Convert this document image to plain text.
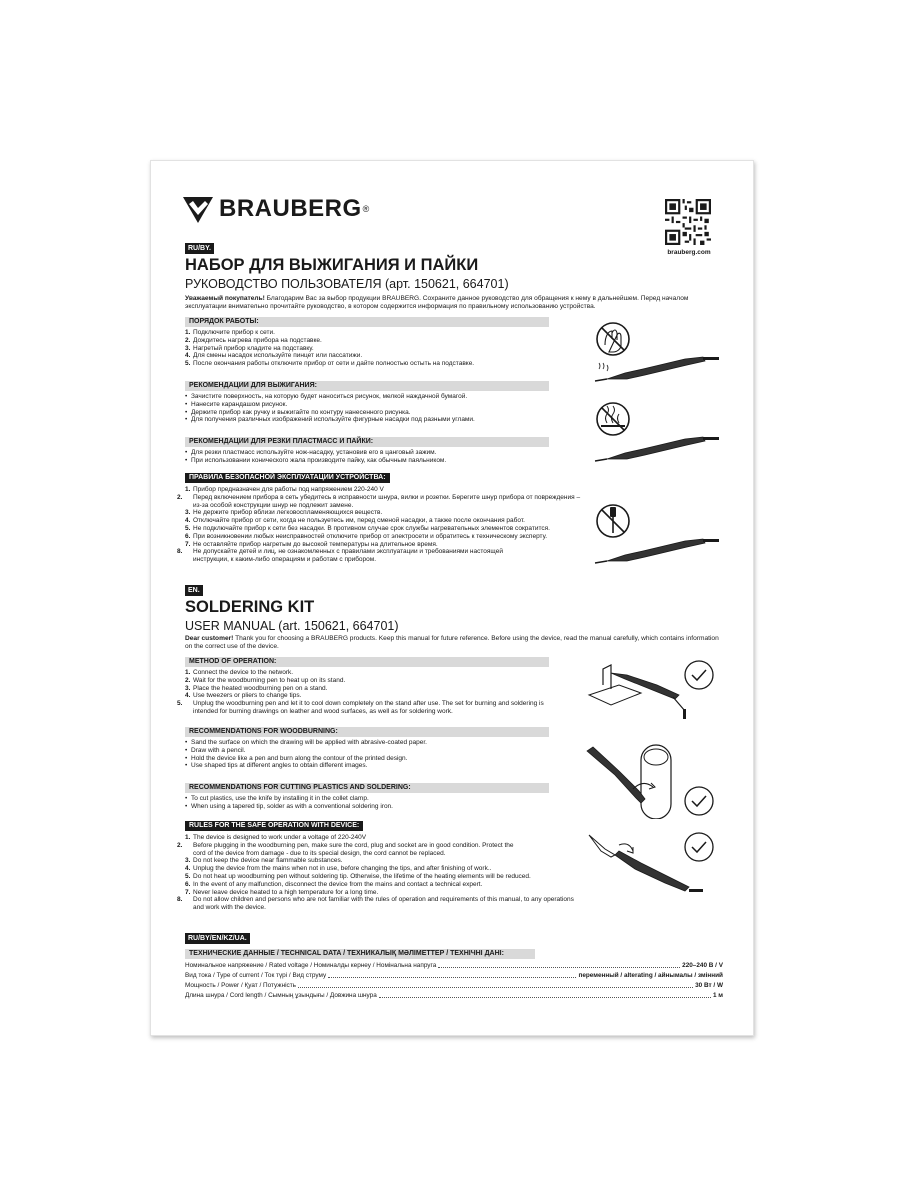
BRAUBERG ®
brauberg.com
RU/BY.
НАБОР ДЛЯ ВЫЖИГАНИЯ И ПАЙКИ
РУКОВОДСТВО ПОЛЬЗОВАТЕЛЯ (арт. 150621, 664701)
Уважаемый покупатель! Благодарим Вас за выбор продукции BRAUBERG. Сохраните данное руководство для обращения к нему в дальнейшем. Перед началом эксплуатации внимательно прочитайте руководство, в котором содержится информация по правильному использованию устройства.
ПОРЯДОК РАБОТЫ:
1. Подключите прибор к сети.
2. Дождитесь нагрева прибора на подставке.
3. Нагретый прибор кладите на подставку.
4. Для смены насадок используйте пинцет или пассатижи.
5. После окончания работы отключите прибор от сети и дайте полностью остыть на подставке.
РЕКОМЕНДАЦИИ ДЛЯ ВЫЖИГАНИЯ:
• Зачистите поверхность, на которую будет наноситься рисунок, мелкой наждачной бумагой.
• Нанесите карандашом рисунок.
• Держите прибор как ручку и выжигайте по контуру нанесенного рисунка.
• Для получения различных изображений используйте фигурные насадки под разными углами.
РЕКОМЕНДАЦИИ ДЛЯ РЕЗКИ ПЛАСТМАСС И ПАЙКИ:
• Для резки пластмасс используйте нож-насадку, установив его в цанговый зажим.
• При использовании конического жала производите пайку, как обычным паяльником.
ПРАВИЛА БЕЗОПАСНОЙ ЭКСПЛУАТАЦИИ УСТРОЙСТВА:
1. Прибор предназначен для работы под напряжением 220-240 V
2. Перед включением прибора в сеть убедитесь в исправности шнура, вилки и розетки. Берегите шнур прибора от повреждения – из-за особой конструкции шнур не подлежит замене.
3. Не держите прибор вблизи легковоспламеняющихся веществ.
4. Отключайте прибор от сети, когда не пользуетесь им, перед сменой насадки, а также после окончания работ.
5. Не подключайте прибор к сети без насадки. В противном случае срок службы нагревательных элементов сократится.
6. При возникновении любых неисправностей отключите прибор от электросети и обратитесь к техническому эксперту.
7. Не оставляйте прибор нагретым до высокой температуры на длительное время.
8. Не допускайте детей и лиц, не ознакомленных с правилами эксплуатации и требованиями настоящей инструкции, к каким-либо операциям и работам с прибором.
EN.
SOLDERING KIT
USER MANUAL (art. 150621, 664701)
Dear customer! Thank you for choosing a BRAUBERG products. Keep this manual for future reference. Before using the device, read the manual carefully, which contains information on the correct use of the device.
METHOD OF OPERATION:
1. Connect the device to the network.
2. Wait for the woodburning pen to heat up on its stand.
3. Place the heated woodburning pen on a stand.
4. Use tweezers or pliers to change tips.
5. Unplug the woodburning pen and let it to cool down completely on the stand after use. The set for burning and soldering is intended for burning drawings on leather and wood surfaces, as well as for soldering work.
RECOMMENDATIONS FOR WOODBURNING:
• Sand the surface on which the drawing will be applied with abrasive-coated paper.
• Draw with a pencil.
• Hold the device like a pen and burn along the contour of the printed design.
• Use shaped tips at different angles to obtain different images.
RECOMMENDATIONS FOR CUTTING PLASTICS AND SOLDERING:
• To cut plastics, use the knife by installing it in the collet clamp.
• When using a tapered tip, solder as with a conventional soldering iron.
RULES FOR THE SAFE OPERATION WITH DEVICE:
1. The device is designed to work under a voltage of 220-240V
2. Before plugging in the woodburning pen, make sure the cord, plug and socket are in good condition. Protect the cord of the device from damage - due to its special design, the cord cannot be replaced.
3. Do not keep the device near flammable substances.
4. Unplug the device from the mains when not in use, before changing the tips, and after finishing of work..
5. Do not heat up woodburning pen without soldering tip. Otherwise, the lifetime of the heating elements will be reduced.
6. In the event of any malfunction, disconnect the device from the mains and contact a technical expert.
7. Never leave device heated to a high temperature for a long time.
8. Do not allow children and persons who are not familiar with the rules of operation and requirements of this manual, to any operations and work with the device.
RU/BY/EN/KZ/UA.
ТЕХНИЧЕСКИЕ ДАННЫЕ / TECHNICAL DATA / ТЕХНИКАЛЫҚ МӘЛІМЕТТЕР / ТЕХНІЧНІ ДАНІ:
Номинальное напряжение / Rated voltage / Номиналды кернеу / Номінальна напруга	220–240 В / V
Вид тока / Type of current / Ток түрі / Вид струму	переменный / alterating / айнымалы / змінний
Мощность / Power / Қуат / Потужність	30 Вт / W
Длина шнура / Cord length / Сымның ұзындығы / Довжина шнура	1 м
